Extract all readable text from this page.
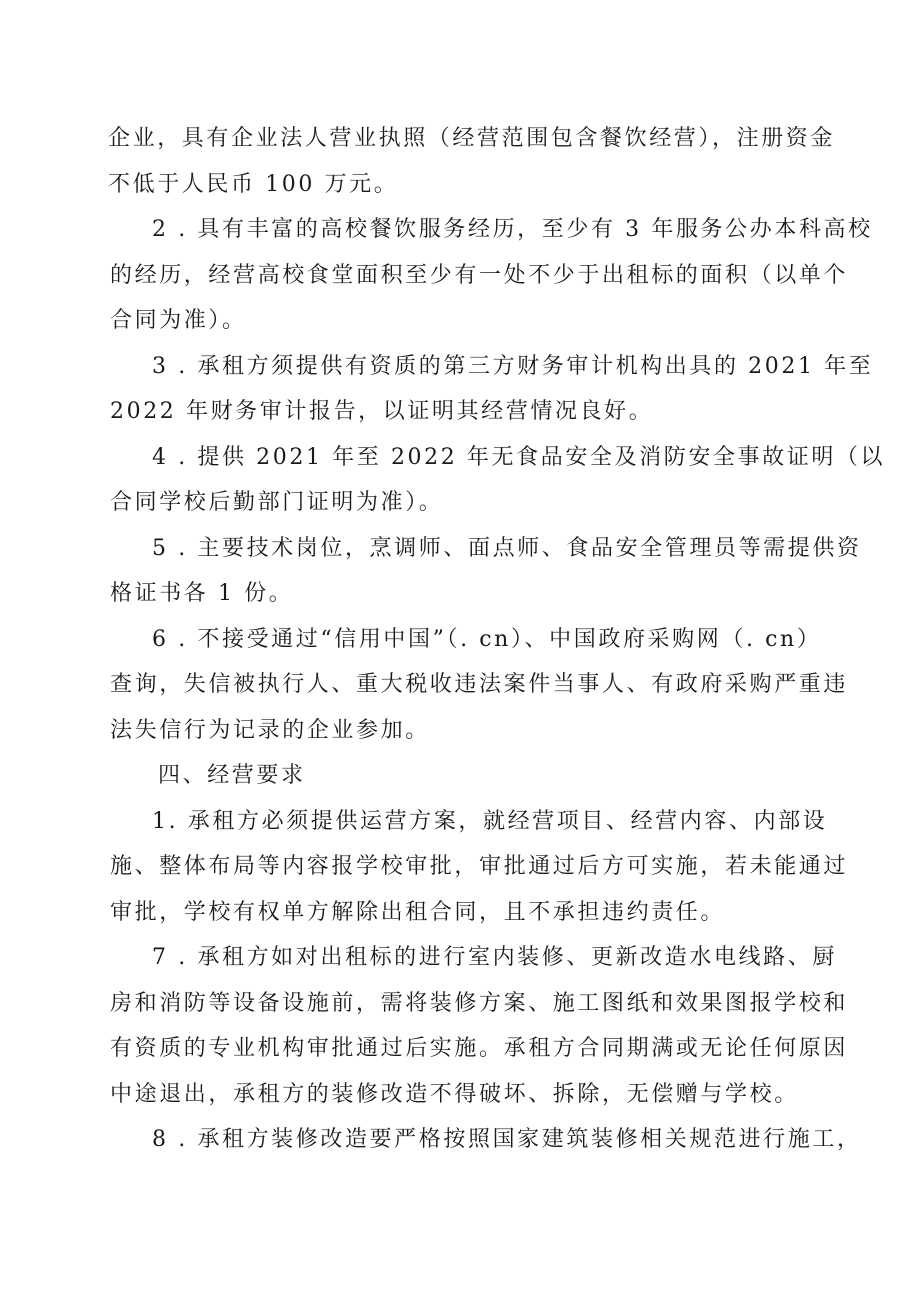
企业，具有企业法人营业执照（经营范围包含餐饮经营），注册资金
不低于人民币 100 万元。
2 . 具有丰富的高校餐饮服务经历，至少有 3 年服务公办本科高校
的经历，经营高校食堂面积至少有一处不少于出租标的面积（以单个
合同为准）。
3 . 承租方须提供有资质的第三方财务审计机构出具的 2021 年至
2022 年财务审计报告，以证明其经营情况良好。
4 . 提供 2021 年至 2022 年无食品安全及消防安全事故证明（以
合同学校后勤部门证明为准）。
5 . 主要技术岗位，烹调师、面点师、食品安全管理员等需提供资
格证书各 1 份。
6 . 不接受通过“信用中国”（. cn）、中国政府采购网（. cn）
查询，失信被执行人、重大税收违法案件当事人、有政府采购严重违
法失信行为记录的企业参加。
四、经营要求
1. 承租方必须提供运营方案，就经营项目、经营内容、内部设
施、整体布局等内容报学校审批，审批通过后方可实施，若未能通过
审批，学校有权单方解除出租合同，且不承担违约责任。
7 . 承租方如对出租标的进行室内装修、更新改造水电线路、厨
房和消防等设备设施前，需将装修方案、施工图纸和效果图报学校和
有资质的专业机构审批通过后实施。承租方合同期满或无论任何原因
中途退出，承租方的装修改造不得破坏、拆除，无偿赠与学校。
8 . 承租方装修改造要严格按照国家建筑装修相关规范进行施工，
